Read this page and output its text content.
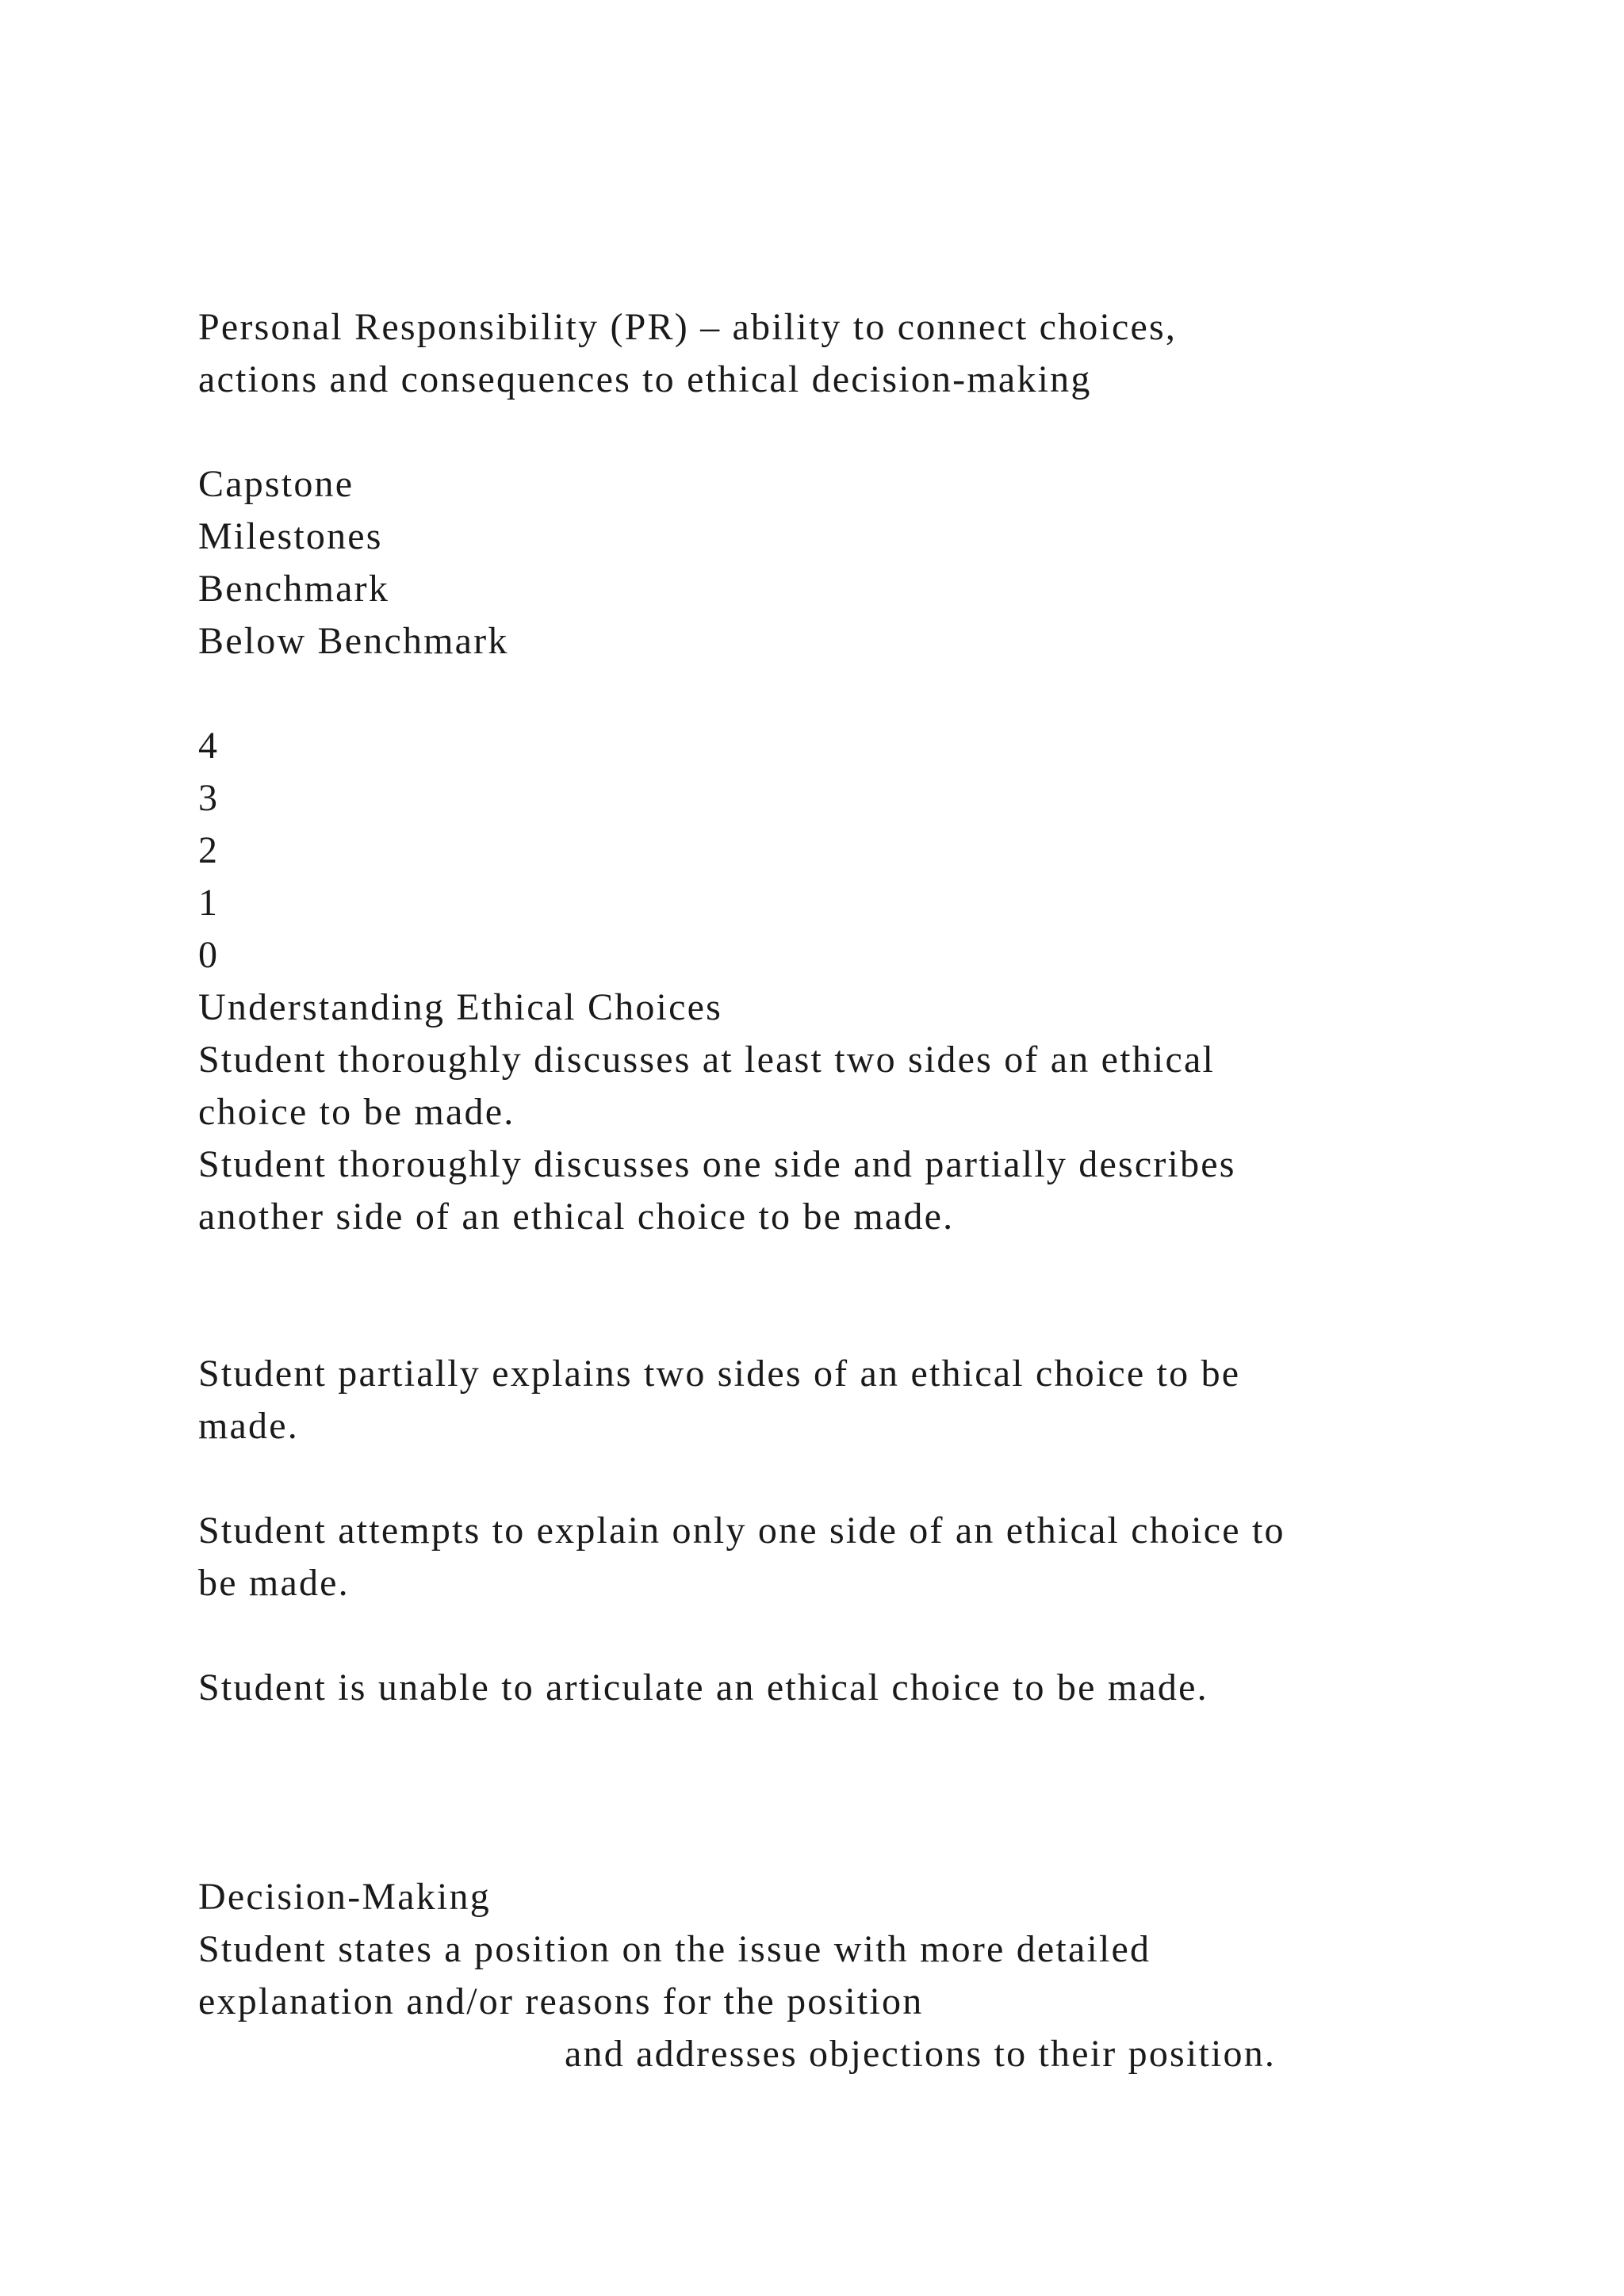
Personal Responsibility (PR) – ability to connect choices,
actions and consequences to ethical decision-making
Capstone
Milestones
Benchmark
Below Benchmark
4
3
2
1
0
Understanding Ethical Choices
Student thoroughly discusses at least two sides of an ethical
choice to be made.
Student thoroughly discusses one side and partially describes
another side of an ethical choice to be made.
Student partially explains two sides of an ethical choice to be
made.
Student attempts to explain only one side of an ethical choice to
be made.
Student is unable to articulate an ethical choice to be made.
Decision-Making
Student states a position on the issue with more detailed
explanation and/or reasons for the position
and addresses objections to their position.
